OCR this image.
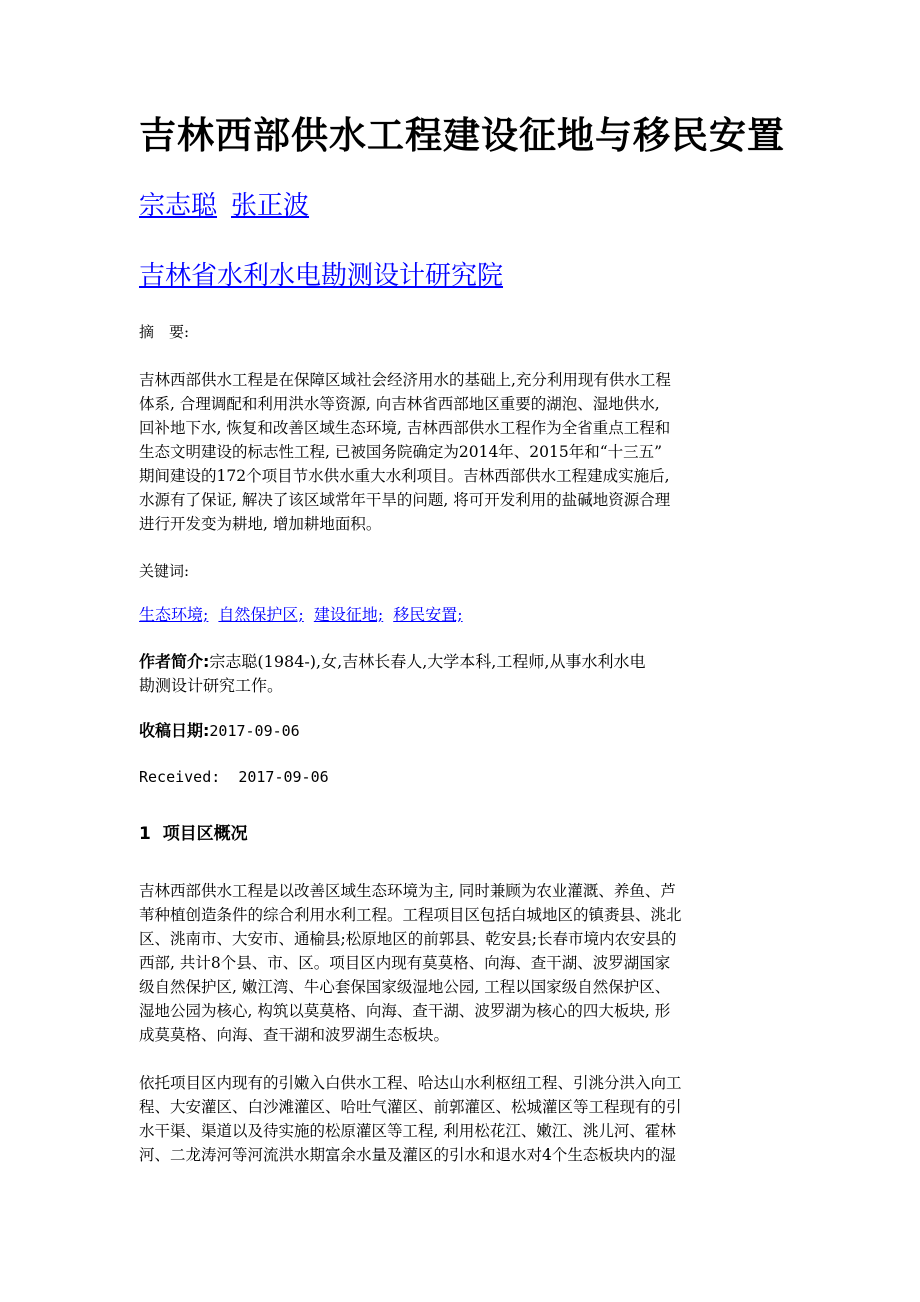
吉林西部供水工程建设征地与移民安置
宗志聪 张正波
吉林省水利水电勘测设计研究院
摘　要:
吉林西部供水工程是在保障区域社会经济用水的基础上,充分利用现有供水工程
体系, 合理调配和利用洪水等资源, 向吉林省西部地区重要的湖泡、湿地供水,
回补地下水, 恢复和改善区域生态环境, 吉林西部供水工程作为全省重点工程和
生态文明建设的标志性工程, 已被国务院确定为2014年、2015年和“十三五”
期间建设的172个项目节水供水重大水利项目。吉林西部供水工程建成实施后,
水源有了保证, 解决了该区域常年干旱的问题, 将可开发利用的盐碱地资源合理
进行开发变为耕地, 增加耕地面积。
关键词:
生态环境; 自然保护区; 建设征地; 移民安置;
作者简介:宗志聪(1984-),女,吉林长春人,大学本科,工程师,从事水利水电
勘测设计研究工作。
收稿日期:2017-09-06
Received: 2017-09-06
1 项目区概况
吉林西部供水工程是以改善区域生态环境为主, 同时兼顾为农业灌溉、养鱼、芦
苇种植创造条件的综合利用水利工程。工程项目区包括白城地区的镇赉县、洮北
区、洮南市、大安市、通榆县;松原地区的前郭县、乾安县;长春市境内农安县的
西部, 共计8个县、市、区。项目区内现有莫莫格、向海、查干湖、波罗湖国家
级自然保护区, 嫩江湾、牛心套保国家级湿地公园, 工程以国家级自然保护区、
湿地公园为核心, 构筑以莫莫格、向海、查干湖、波罗湖为核心的四大板块, 形
成莫莫格、向海、查干湖和波罗湖生态板块。
依托项目区内现有的引嫩入白供水工程、哈达山水利枢纽工程、引洮分洪入向工
程、大安灌区、白沙滩灌区、哈吐气灌区、前郭灌区、松城灌区等工程现有的引
水干渠、渠道以及待实施的松原灌区等工程, 利用松花江、嫩江、洮儿河、霍林
河、二龙涛河等河流洪水期富余水量及灌区的引水和退水对4个生态板块内的湿
